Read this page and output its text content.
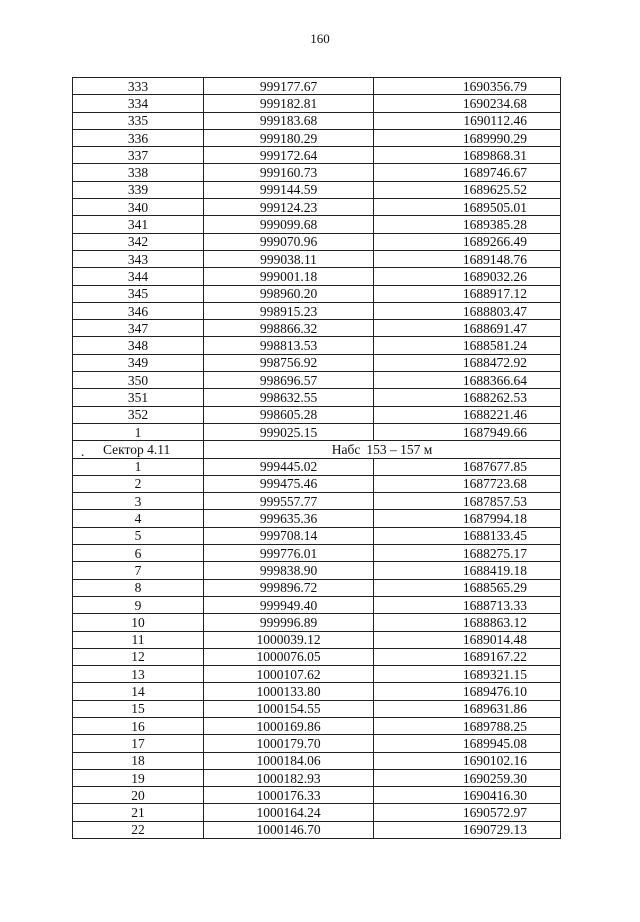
160
333	999177.67	1690356.79
334	999182.81	1690234.68
335	999183.68	1690112.46
336	999180.29	1689990.29
337	999172.64	1689868.31
338	999160.73	1689746.67
339	999144.59	1689625.52
340	999124.23	1689505.01
341	999099.68	1689385.28
342	999070.96	1689266.49
343	999038.11	1689148.76
344	999001.18	1689032.26
345	998960.20	1688917.12
346	998915.23	1688803.47
347	998866.32	1688691.47
348	998813.53	1688581.24
349	998756.92	1688472.92
350	998696.57	1688366.64
351	998632.55	1688262.53
352	998605.28	1688221.46
1	999025.15	1687949.66

. Сектор 4.11	Набс 153 – 157 м	
1	999445.02	1687677.85
2	999475.46	1687723.68
3	999557.77	1687857.53
4	999635.36	1687994.18
5	999708.14	1688133.45
6	999776.01	1688275.17
7	999838.90	1688419.18
8	999896.72	1688565.29
9	999949.40	1688713.33
10	999996.89	1688863.12
11	1000039.12	1689014.48
12	1000076.05	1689167.22
13	1000107.62	1689321.15
14	1000133.80	1689476.10
15	1000154.55	1689631.86
16	1000169.86	1689788.25
17	1000179.70	1689945.08
18	1000184.06	1690102.16
19	1000182.93	1690259.30
20	1000176.33	1690416.30
21	1000164.24	1690572.97
22	1000146.70	1690729.13
